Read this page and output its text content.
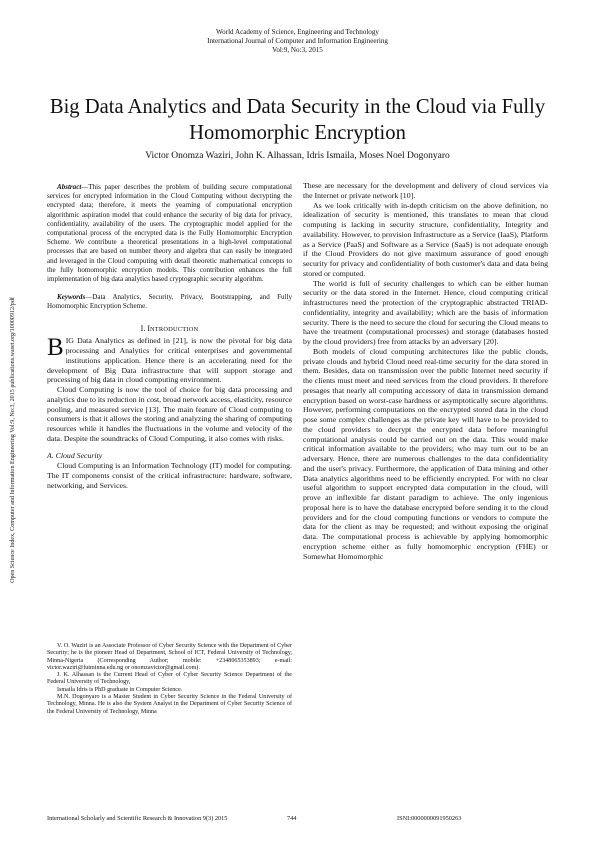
World Academy of Science, Engineering and Technology
International Journal of Computer and Information Engineering
Vol:9, No:3, 2015
Big Data Analytics and Data Security in the Cloud via Fully Homomorphic Encryption
Victor Onomza Waziri, John K. Alhassan, Idris Ismaila, Moses Noel Dogonyaro
Open Science Index, Computer and Information Engineering Vol:9, No:3, 2015 publications.waset.org/10000912/pdf

Abstract—This paper describes the problem of building secure computational services for encrypted information in the Cloud Computing without decrypting the encrypted data; therefore, it meets the yearning of computational encryption algorithmic aspiration model that could enhance the security of big data for privacy, confidentiality, availability of the users. The cryptographic model applied for the computational process of the encrypted data is the Fully Homomorphic Encryption Scheme. We contribute a theoretical presentations in a high-level computational processes that are based on number theory and algebra that can easily be integrated and leveraged in the Cloud computing with detail theoretic mathematical concepts to the fully homomorphic encryption models. This contribution enhances the full implementation of big data analytics based cryptographic security algorithm.

Keywords—Data Analytics, Security, Privacy, Bootstrapping, and Fully Homomorphic Encryption Scheme.

I. INTRODUCTION

BIG Data Analytics as defined in [21], is now the pivotal for big data processing and Analytics for critical enterprises and governmental institutions application. Hence there is an accelerating need for the development of Big Data infrastructure that will support storage and processing of big data in cloud computing environment.

Cloud Computing is now the tool of choice for big data processing and analytics due to its reduction in cost, broad network access, elasticity, resource pooling, and measured service [13]. The main feature of Cloud computing to consumers is that it allows the storing and analyzing the sharing of computing resources while it handles the fluctuations in the volume and velocity of the data. Despite the soundtracks of Cloud Computing, it also comes with risks.

A. Cloud Security

Cloud Computing is an Information Technology (IT) model for computing. The IT components consist of the critical infrastructure: hardware, software, networking, and Services.

V. O. Waziri is an Associate Professor of Cyber Security Science with the Department of Cyber Security; he is the pioneer Head of Department, School of ICT, Federal University of Technology, Minna-Nigeria (Corresponding Author; mobile: +2348065353893; e-mail: victor.waziri@futminna.edu.ng or onomzavictor@gmail.com).

J. K. Alhassan is the Current Head of Cyber of Cyber Security Science Department of the Federal University of Technology,

Ismaila Idris is PhD graduate in Computer Science.

M.N. Dogonyaro is a Master Student in Cyber Security Science in the Federal University of Technology, Minna. He is also the System Analyst in the Department of Cyber Security Science of the Federal University of Technology, Minna

These are necessary for the development and delivery of cloud services via the Internet or private network [10].

As we look critically with in-depth criticism on the above definition, no idealization of security is mentioned, this translates to mean that cloud computing is lacking in security structure, confidentiality, Integrity and availability. However, to provision Infrastructure as a Service (IaaS), Platform as a Service (PaaS) and Software as a Service (SaaS) is not adequate enough if the Cloud Providers do not give maximum assurance of good enough security for privacy and confidentiality of both customer's data and data being stored or computed.

The world is full of security challenges to which can be either human security or the data stored in the Internet. Hence, cloud computing critical infrastructures need the protection of the cryptographic abstracted TRIAD-confidentiality, integrity and availability; which are the basis of information security. There is the need to secure the cloud for securing the Cloud means to have the treatment (computational processes) and storage (databases hosted by the cloud providers) free from attacks by an adversary [20].

Both models of cloud computing architectures like the public clouds, private clouds and hybrid Cloud need real-time security for the data stored in them. Besides, data on transmission over the public Internet need security if the clients must meet and need services from the cloud providers. It therefore presages that nearly all computing accessory of data in transmission demand encryption based on worst-case hardness or asymptotically secure algorithms. However, performing computations on the encrypted stored data in the cloud pose some complex challenges as the private key will have to be provided to the cloud providers to decrypt the encrypted data before meaningful computational analysis could be carried out on the data. This would make critical information available to the providers; who may turn out to be an adversary. Hence, there are numerous challenges to the data confidentiality and the user's privacy. Furthermore, the application of Data mining and other Data analytics algorithms need to be efficiently encrypted. For with no clear useful algorithm to support encrypted data computation in the cloud, will prove an inflexible far distant paradigm to achieve. The only ingenious proposal here is to have the database encrypted before sending it to the cloud providers and for the cloud computing functions or vendors to compute the data for the client as may be requested; and without exposing the original data. The computational process is achievable by applying homomorphic encryption scheme either as fully homomorphic encryption (FHE) or Somewhat Homomorphic

International Scholarly and Scientific Research & Innovation 9(3) 2015	744	ISNI:0000000091950263
